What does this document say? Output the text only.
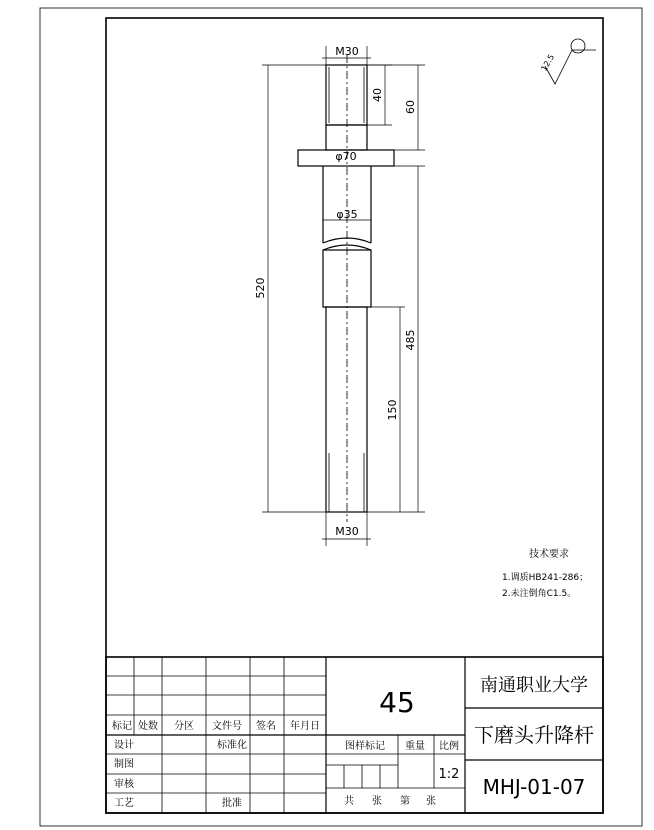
M30
40
60
φ70
φ35
520
485
150
M30
12.5
技术要求
1.调质HB241-286；
2.未注倒角C1.5。
标记 处数 分区 文件号 签名 年月日
设计	标准化
制图
审核
工艺	批准
45
图样标记 重量 比例
1:2
共 张 第 张
南通职业大学
下磨头升降杆
MHJ-01-07
